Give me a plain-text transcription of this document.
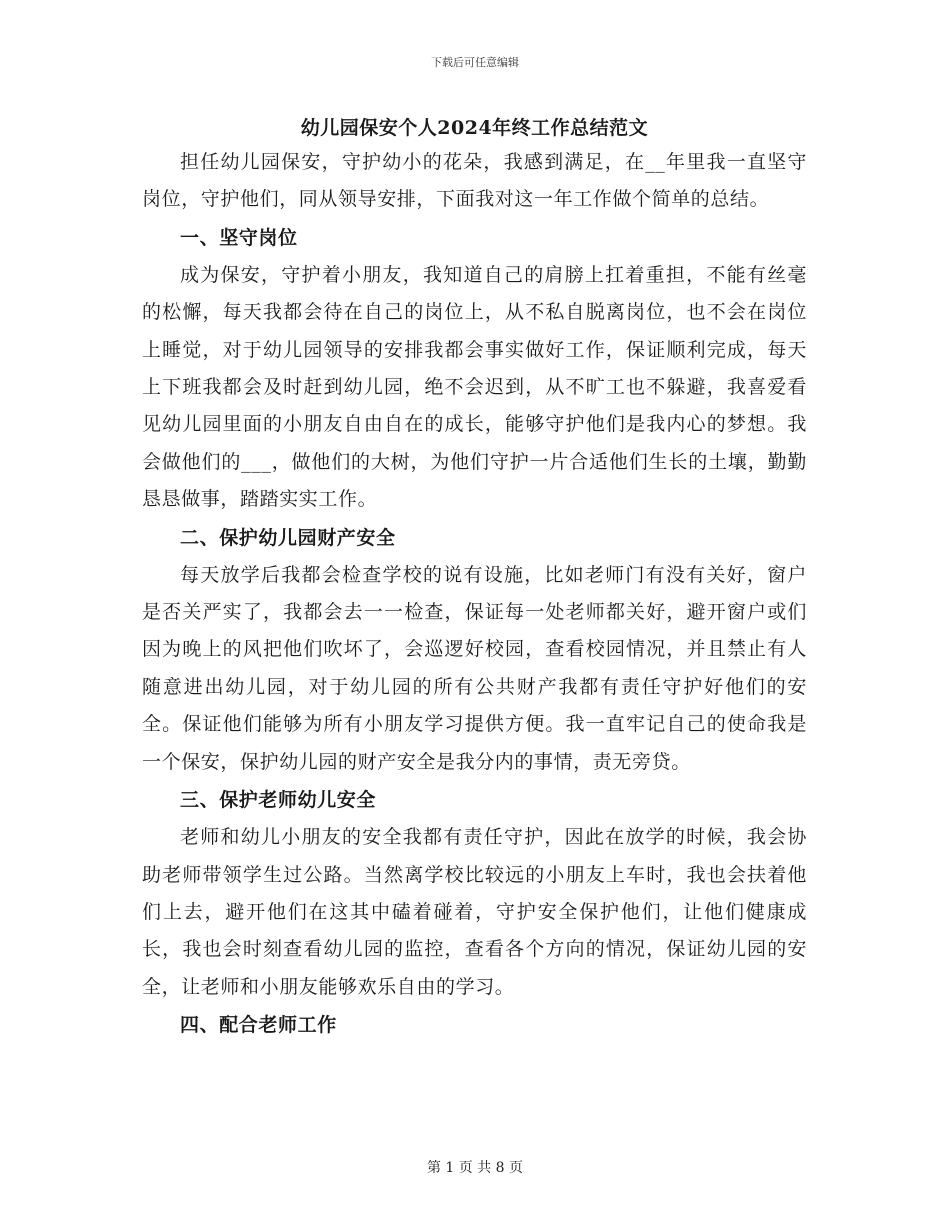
下载后可任意编辑
幼儿园保安个人2024年终工作总结范文

担任幼儿园保安，守护幼小的花朵，我感到满足，在__年里我一直坚守岗位，守护他们，同从领导安排，下面我对这一年工作做个简单的总结。

一、坚守岗位

成为保安，守护着小朋友，我知道自己的肩膀上扛着重担，不能有丝毫的松懈，每天我都会待在自己的岗位上，从不私自脱离岗位，也不会在岗位上睡觉，对于幼儿园领导的安排我都会事实做好工作，保证顺利完成，每天上下班我都会及时赶到幼儿园，绝不会迟到，从不旷工也不躲避，我喜爱看见幼儿园里面的小朋友自由自在的成长，能够守护他们是我内心的梦想。我会做他们的___，做他们的大树，为他们守护一片合适他们生长的土壤，勤勤恳恳做事，踏踏实实工作。

二、保护幼儿园财产安全

每天放学后我都会检查学校的说有设施，比如老师门有没有关好，窗户是否关严实了，我都会去一一检查，保证每一处老师都关好，避开窗户或们因为晚上的风把他们吹坏了，会巡逻好校园，查看校园情况，并且禁止有人随意进出幼儿园，对于幼儿园的所有公共财产我都有责任守护好他们的安全。保证他们能够为所有小朋友学习提供方便。我一直牢记自己的使命我是一个保安，保护幼儿园的财产安全是我分内的事情，责无旁贷。

三、保护老师幼儿安全

老师和幼儿小朋友的安全我都有责任守护，因此在放学的时候，我会协助老师带领学生过公路。当然离学校比较远的小朋友上车时，我也会扶着他们上去，避开他们在这其中磕着碰着，守护安全保护他们，让他们健康成长，我也会时刻查看幼儿园的监控，查看各个方向的情况，保证幼儿园的安全，让老师和小朋友能够欢乐自由的学习。

四、配合老师工作
第 1 页 共 8 页
